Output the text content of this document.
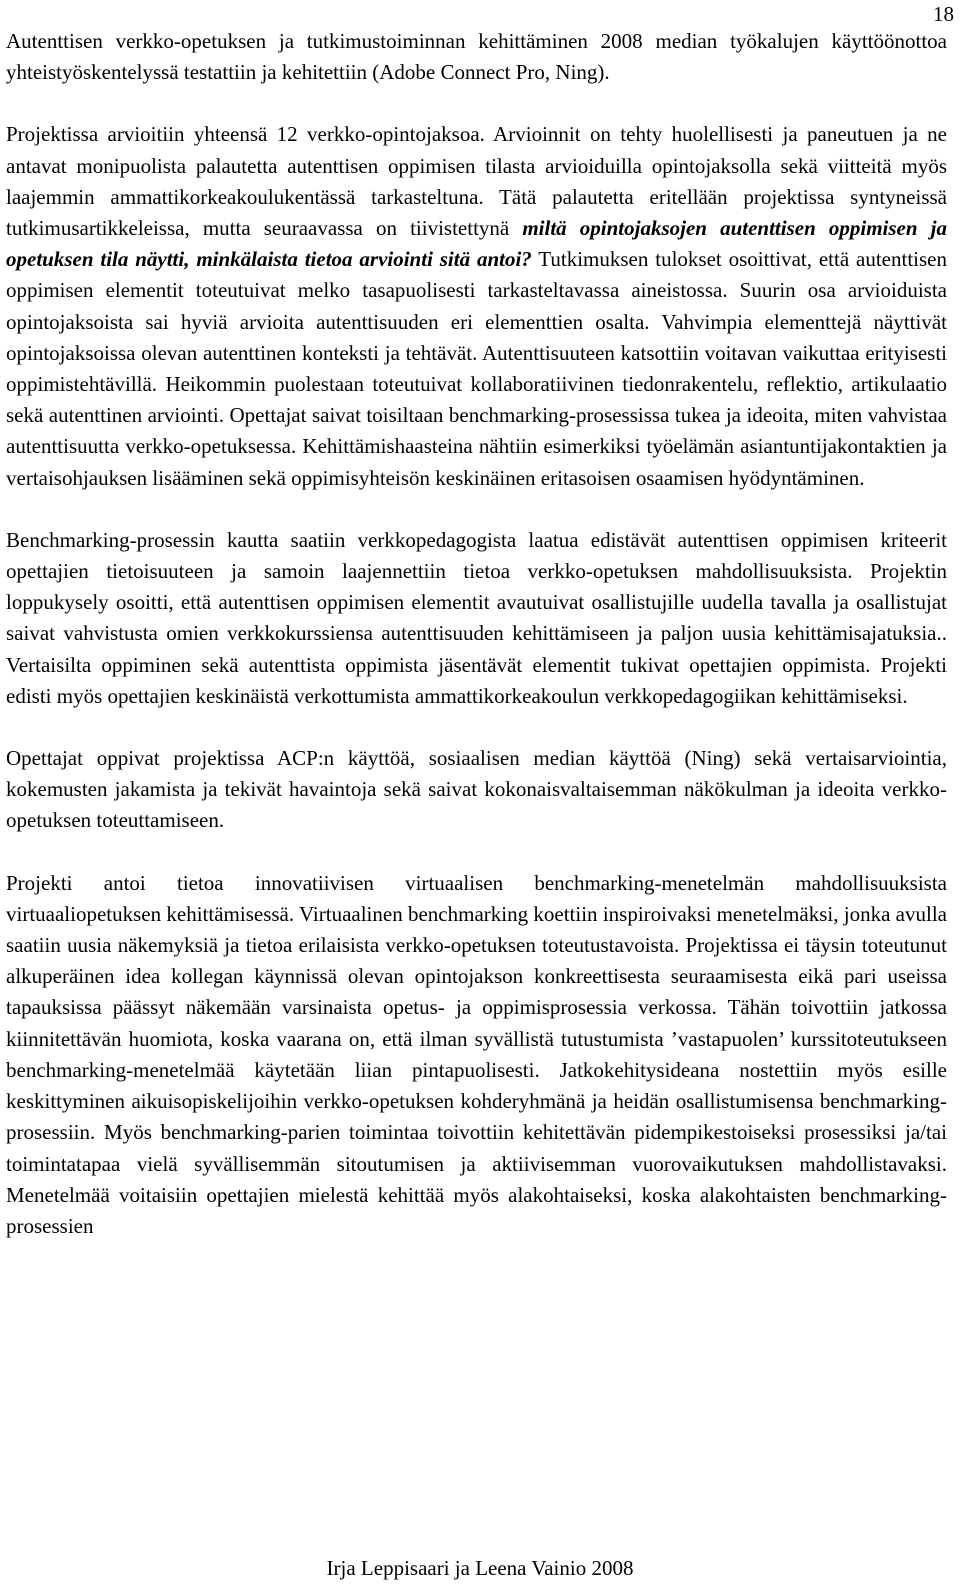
18

Autenttisen verkko-opetuksen ja tutkimustoiminnan kehittäminen 2008 median työkalujen käyttöönottoa yhteistyöskentelyssä testattiin ja kehitettiin (Adobe Connect Pro, Ning).

Projektissa arvioitiin yhteensä 12 verkko-opintojaksoa. Arvioinnit on tehty huolellisesti ja paneutuen ja ne antavat monipuolista palautetta autenttisen oppimisen tilasta arvioiduilla opintojaksolla sekä viitteitä myös laajemmin ammattikorkeakoulukentässä tarkasteltuna. Tätä palautetta eritellään projektissa syntyneissä tutkimusartikkeleissa, mutta seuraavassa on tiivistettynä miltä opintojaksojen autenttisen oppimisen ja opetuksen tila näytti, minkälaista tietoa arviointi sitä antoi? Tutkimuksen tulokset osoittivat, että autenttisen oppimisen elementit toteutuivat melko tasapuolisesti tarkasteltavassa aineistossa. Suurin osa arvioiduista opintojaksoista sai hyviä arvioita autenttisuuden eri elementtien osalta. Vahvimpia elementtejä näyttivät opintojaksoissa olevan autenttinen konteksti ja tehtävät. Autenttisuuteen katsottiin voitavan vaikuttaa erityisesti oppimistehtävillä. Heikommin puolestaan toteutuivat kollaboratiivinen tiedonrakentelu, reflektio, artikulaatio sekä autenttinen arviointi. Opettajat saivat toisiltaan benchmarking-prosessissa tukea ja ideoita, miten vahvistaa autenttisuutta verkko-opetuksessa. Kehittämishaasteina nähtiin esimerkiksi työelämän asiantuntijakontaktien ja vertaisohjauksen lisääminen sekä oppimisyhteisön keskinäinen eritasoisen osaamisen hyödyntäminen.

Benchmarking-prosessin kautta saatiin verkkopedagogista laatua edistävät autenttisen oppimisen kriteerit opettajien tietoisuuteen ja samoin laajennettiin tietoa verkko-opetuksen mahdollisuuksista. Projektin loppukysely osoitti, että autenttisen oppimisen elementit avautuivat osallistujille uudella tavalla ja osallistujat saivat vahvistusta omien verkkokurssiensa autenttisuuden kehittämiseen ja paljon uusia kehittämisajatuksia.. Vertaisilta oppiminen sekä autenttista oppimista jäsentävät elementit tukivat opettajien oppimista. Projekti edisti myös opettajien keskinäistä verkottumista ammattikorkeakoulun verkkopedagogiikan kehittämiseksi.

Opettajat oppivat projektissa ACP:n käyttöä, sosiaalisen median käyttöä (Ning) sekä vertaisarviointia, kokemusten jakamista ja tekivät havaintoja sekä saivat kokonaisvaltaisemman näkökulman ja ideoita verkko-opetuksen toteuttamiseen.

Projekti antoi tietoa innovatiivisen virtuaalisen benchmarking-menetelmän mahdollisuuksista virtuaaliopetuksen kehittämisessä. Virtuaalinen benchmarking koettiin inspiroivaksi menetelmäksi, jonka avulla saatiin uusia näkemyksiä ja tietoa erilaisista verkko-opetuksen toteutustavoista. Projektissa ei täysin toteutunut alkuperäinen idea kollegan käynnissä olevan opintojakson konkreettisesta seuraamisesta eikä pari useissa tapauksissa päässyt näkemään varsinaista opetus- ja oppimisprosessia verkossa. Tähän toivottiin jatkossa kiinnitettävän huomiota, koska vaarana on, että ilman syvällistä tutustumista ’vastapuolen’ kurssitoteutukseen benchmarking-menetelmää käytetään liian pintapuolisesti. Jatkokehitysideana nostettiin myös esille keskittyminen aikuisopiskelijoihin verkko-opetuksen kohderyhmänä ja heidän osallistumisensa benchmarking-prosessiin. Myös benchmarking-parien toimintaa toivottiin kehitettävän pidempikestoiseksi prosessiksi ja/tai toimintatapaa vielä syvällisemmän sitoutumisen ja aktiivisemman vuorovaikutuksen mahdollistavaksi. Menetelmää voitaisiin opettajien mielestä kehittää myös alakohtaiseksi, koska alakohtaisten benchmarking-prosessien

Irja Leppisaari ja Leena Vainio 2008
